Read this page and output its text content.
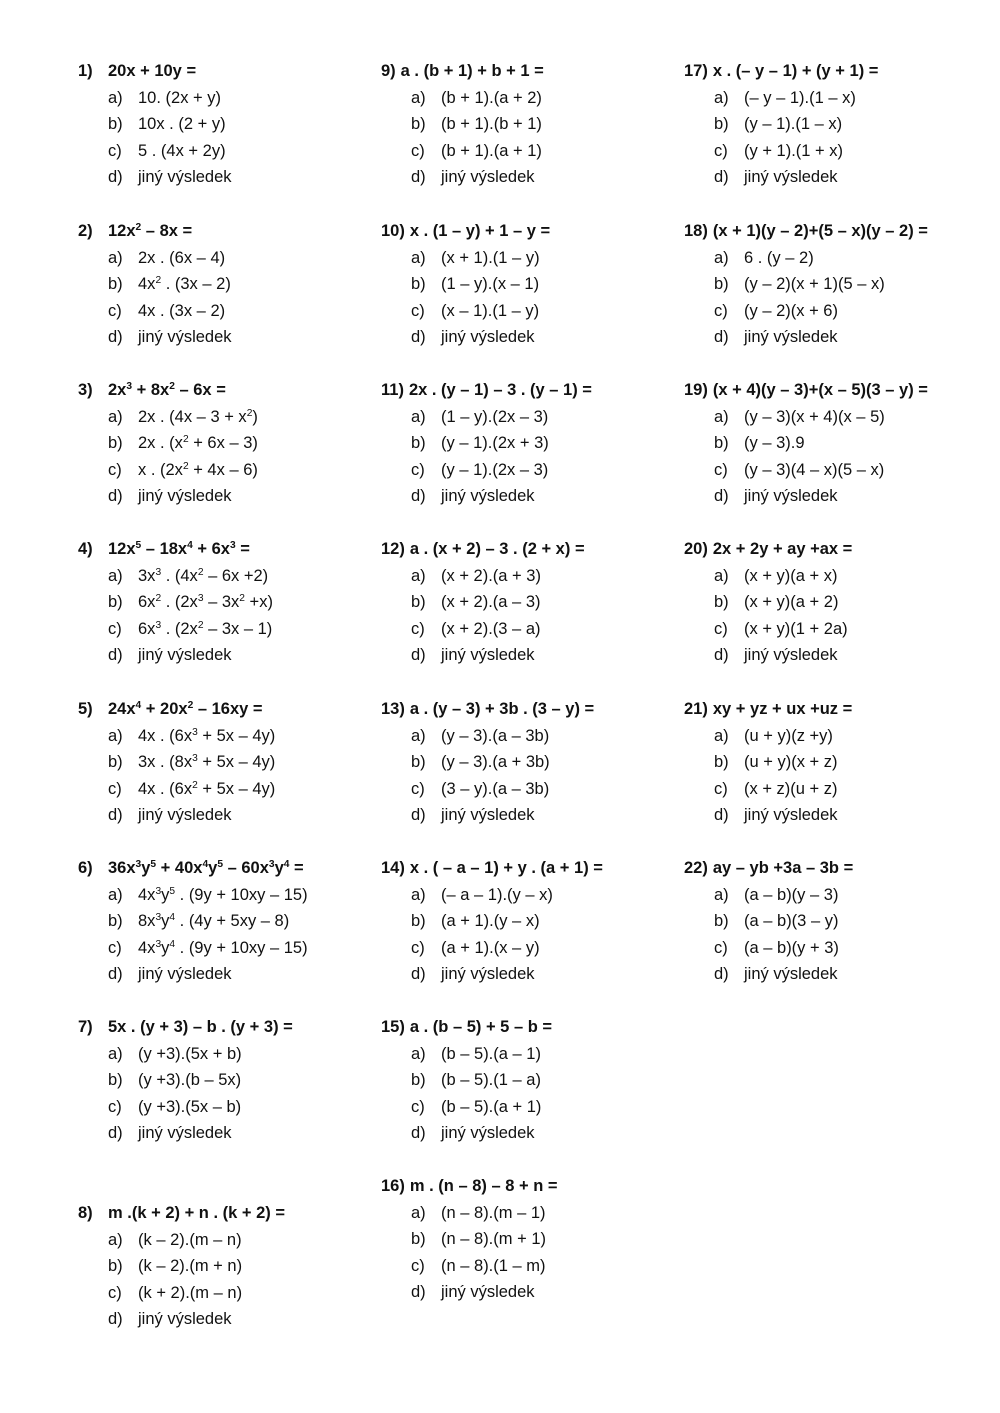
1) 20x + 10y =
a) 10. (2x + y)
b) 10x . (2 + y)
c) 5 . (4x + 2y)
d) jiný výsledek
2) $12x^2 - 8x$ =
a) 2x . (6x – 4)
b) $4x^2$ . (3x – 2)
c) 4x . (3x – 2)
d) jiný výsledek
3) $2x^3 + 8x^2 - 6x$ =
a) 2x . $(4x - 3 + x^2)$
b) 2x . $(x^2 + 6x - 3)$
c) x . $(2x^2 + 4x - 6)$
d) jiný výsledek
4) $12x^5 - 18x^4 + 6x^3$ =
a) $3x^3$ . $(4x^2 - 6x +2)$
b) $6x^2$ . $(2x^3 - 3x^2 +x)$
c) $6x^3$ . $(2x^2 - 3x - 1)$
d) jiný výsledek
5) $24x^4 + 20x^2 - 16xy$ =
a) 4x . $(6x^3 + 5x - 4y)$
b) 3x . $(8x^3 + 5x - 4y)$
c) 4x . $(6x^2 + 5x - 4y)$
d) jiný výsledek
6) $36x^3y^5 + 40x^4y^5 - 60x^3y^4$ =
a) $4x^3y^5$ . (9y + 10xy – 15)
b) $8x^3y^4$ . (4y + 5xy – 8)
c) $4x^3y^4$ . (9y + 10xy – 15)
d) jiný výsledek
7) 5x . (y + 3) – b . (y + 3) =
a) (y +3).(5x + b)
b) (y +3).(b – 5x)
c) (y +3).(5x – b)
d) jiný výsledek
8) m .(k + 2) + n . (k + 2) =
a) (k – 2).(m – n)
b) (k – 2).(m + n)
c) (k + 2).(m – n)
d) jiný výsledek
9) a . (b + 1) + b + 1 =
a) (b + 1).(a + 2)
b) (b + 1).(b + 1)
c) (b + 1).(a + 1)
d) jiný výsledek
10) x . (1 – y) + 1 – y =
a) (x + 1).(1 – y)
b) (1 – y).(x – 1)
c) (x – 1).(1 – y)
d) jiný výsledek
11) 2x . (y – 1) – 3 . (y – 1) =
a) (1 – y).(2x – 3)
b) (y – 1).(2x + 3)
c) (y – 1).(2x – 3)
d) jiný výsledek
12) a . (x + 2) – 3 . (2 + x) =
a) (x + 2).(a + 3)
b) (x + 2).(a – 3)
c) (x + 2).(3 – a)
d) jiný výsledek
13) a . (y – 3) + 3b . (3 – y) =
a) (y – 3).(a – 3b)
b) (y – 3).(a + 3b)
c) (3 – y).(a – 3b)
d) jiný výsledek
14) x . ( – a – 1) + y . (a + 1) =
a) (– a – 1).(y – x)
b) (a + 1).(y – x)
c) (a + 1).(x – y)
d) jiný výsledek
15) a . (b – 5) + 5 – b =
a) (b – 5).(a – 1)
b) (b – 5).(1 – a)
c) (b – 5).(a + 1)
d) jiný výsledek
16) m . (n – 8) – 8 + n =
a) (n – 8).(m – 1)
b) (n – 8).(m + 1)
c) (n – 8).(1 – m)
d) jiný výsledek
17) x . (– y – 1) + (y + 1) =
a) (– y – 1).(1 – x)
b) (y – 1).(1 – x)
c) (y + 1).(1 + x)
d) jiný výsledek
18) (x + 1)(y – 2)+(5 – x)(y – 2) =
a) 6 . (y – 2)
b) (y – 2)(x + 1)(5 – x)
c) (y – 2)(x + 6)
d) jiný výsledek
19) (x + 4)(y – 3)+(x – 5)(3 – y) =
a) (y – 3)(x + 4)(x – 5)
b) (y – 3).9
c) (y – 3)(4 – x)(5 – x)
d) jiný výsledek
20) 2x + 2y + ay +ax =
a) (x + y)(a + x)
b) (x + y)(a + 2)
c) (x + y)(1 + 2a)
d) jiný výsledek
21) xy + yz + ux +uz =
a) (u + y)(z +y)
b) (u + y)(x + z)
c) (x + z)(u + z)
d) jiný výsledek
22) ay – yb +3a – 3b =
a) (a – b)(y – 3)
b) (a – b)(3 – y)
c) (a – b)(y + 3)
d) jiný výsledek
